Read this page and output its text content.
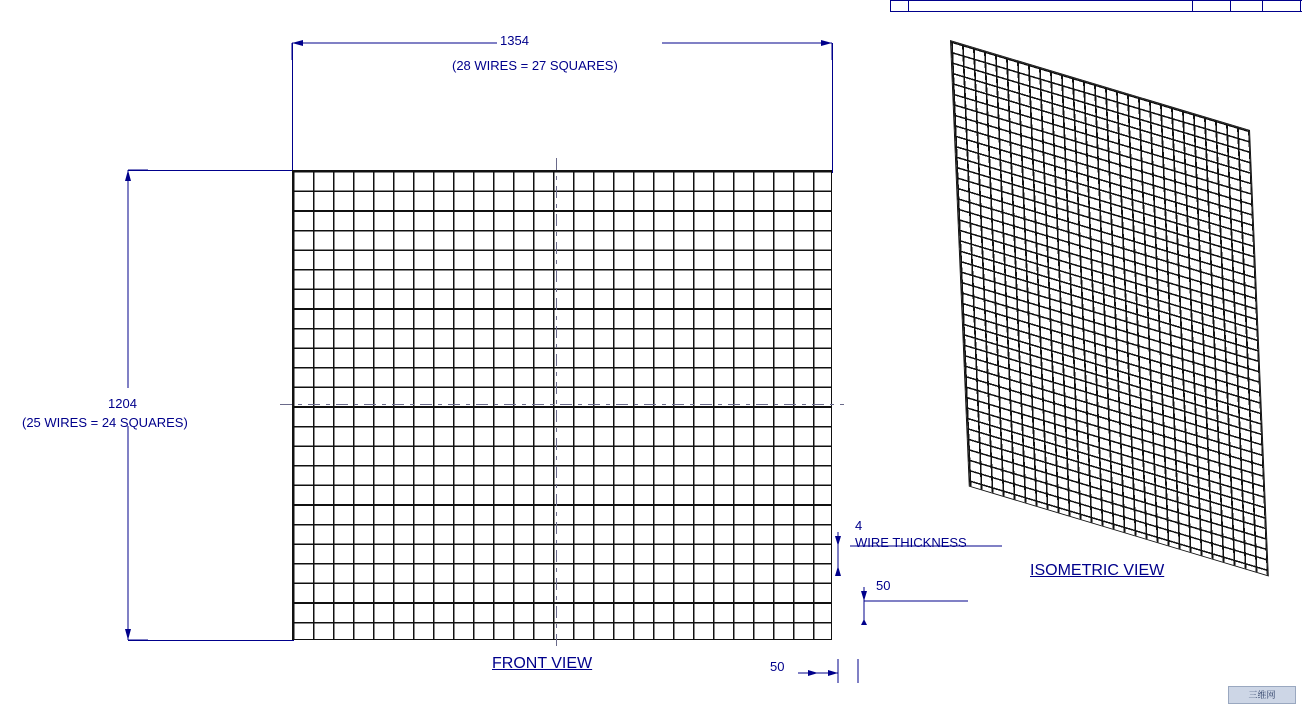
1354
(28 WIRES = 27 SQUARES)
1204
(25 WIRES = 24 SQUARES)
FRONT VIEW
4
WIRE THICKNESS
50
50
ISOMETRIC VIEW
三维网
